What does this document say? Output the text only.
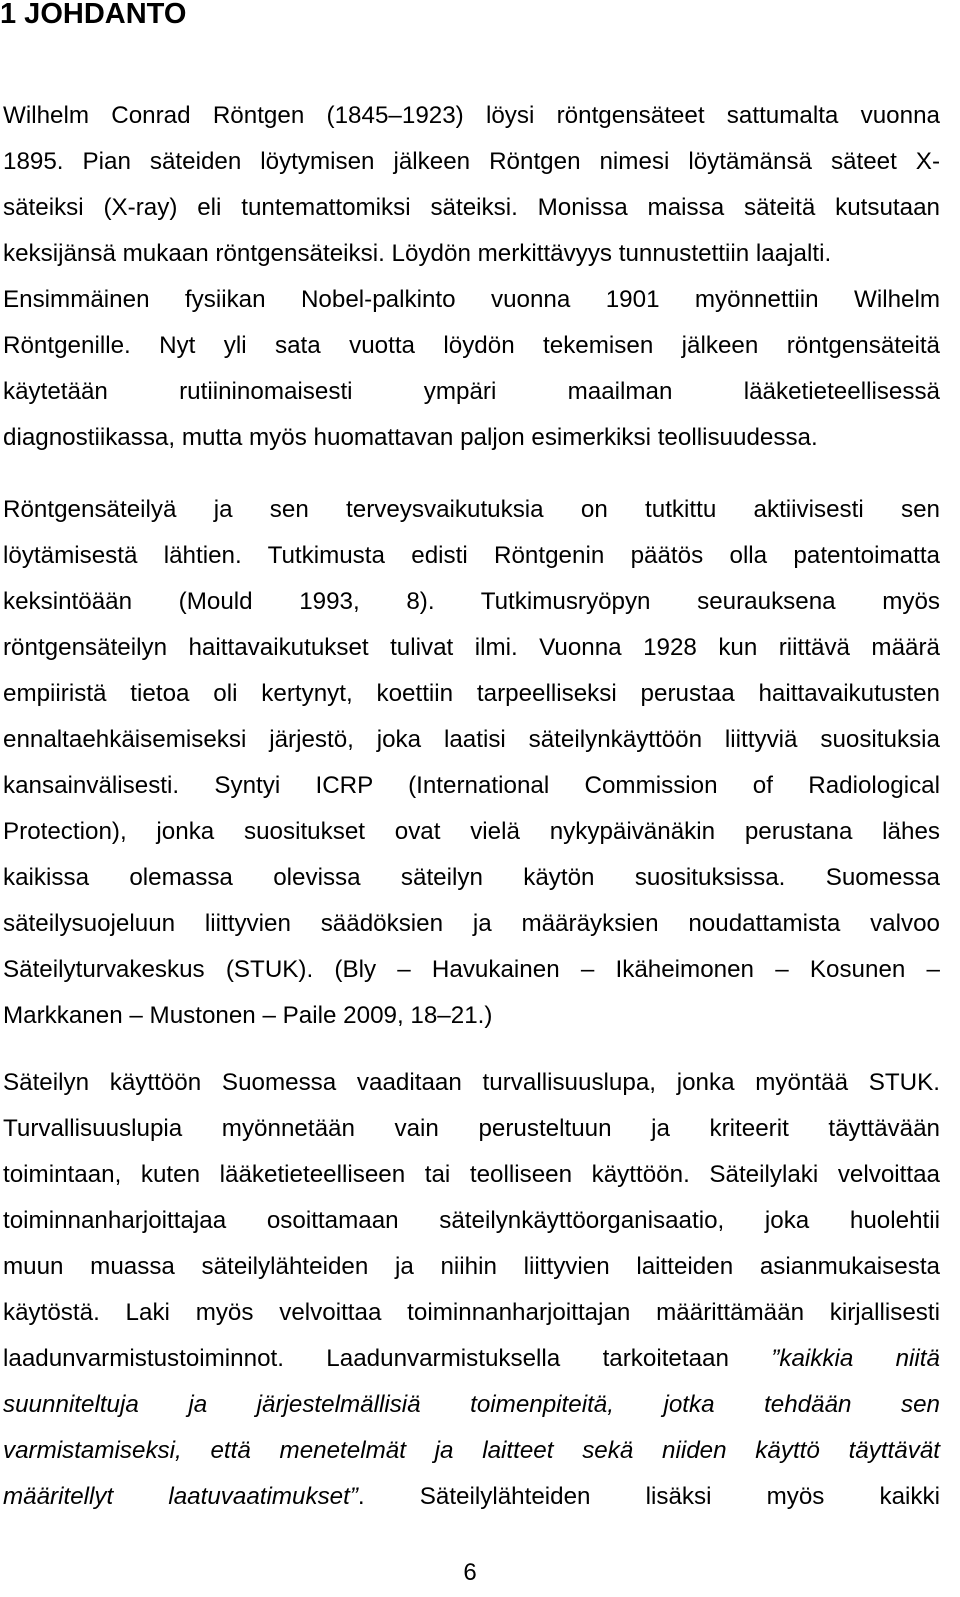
1 JOHDANTO
Wilhelm Conrad Röntgen (1845–1923) löysi röntgensäteet sattumalta vuonna
1895. Pian säteiden löytymisen jälkeen Röntgen nimesi löytämänsä säteet X-
säteiksi (X-ray) eli tuntemattomiksi säteiksi. Monissa maissa säteitä kutsutaan
keksijänsä mukaan röntgensäteiksi. Löydön merkittävyys tunnustettiin laajalti.
Ensimmäinen fysiikan Nobel-palkinto vuonna 1901 myönnettiin Wilhelm
Röntgenille. Nyt yli sata vuotta löydön tekemisen jälkeen röntgensäteitä
käytetään rutiininomaisesti ympäri maailman lääketieteellisessä
diagnostiikassa, mutta myös huomattavan paljon esimerkiksi teollisuudessa.
Röntgensäteilyä ja sen terveysvaikutuksia on tutkittu aktiivisesti sen
löytämisestä lähtien. Tutkimusta edisti Röntgenin päätös olla patentoimatta
keksintöään (Mould 1993, 8). Tutkimusryöpyn seurauksena myös
röntgensäteilyn haittavaikutukset tulivat ilmi. Vuonna 1928 kun riittävä määrä
empiiristä tietoa oli kertynyt, koettiin tarpeelliseksi perustaa haittavaikutusten
ennaltaehkäisemiseksi järjestö, joka laatisi säteilynkäyttöön liittyviä suosituksia
kansainvälisesti. Syntyi ICRP (International Commission of Radiological
Protection), jonka suositukset ovat vielä nykypäivänäkin perustana lähes
kaikissa olemassa olevissa säteilyn käytön suosituksissa. Suomessa
säteilysuojeluun liittyvien säädöksien ja määräyksien noudattamista valvoo
Säteilyturvakeskus (STUK). (Bly – Havukainen – Ikäheimonen – Kosunen –
Markkanen – Mustonen – Paile 2009, 18–21.)
Säteilyn käyttöön Suomessa vaaditaan turvallisuuslupa, jonka myöntää STUK.
Turvallisuuslupia myönnetään vain perusteltuun ja kriteerit täyttävään
toimintaan, kuten lääketieteelliseen tai teolliseen käyttöön. Säteilylaki velvoittaa
toiminnanharjoittajaa osoittamaan säteilynkäyttöorganisaatio, joka huolehtii
muun muassa säteilylähteiden ja niihin liittyvien laitteiden asianmukaisesta
käytöstä. Laki myös velvoittaa toiminnanharjoittajan määrittämään kirjallisesti
laadunvarmistustoiminnot. Laadunvarmistuksella tarkoitetaan ”kaikkia niitä
suunniteltuja ja järjestelmällisiä toimenpiteitä, jotka tehdään sen
varmistamiseksi, että menetelmät ja laitteet sekä niiden käyttö täyttävät
määritellyt laatuvaatimukset”. Säteilylähteiden lisäksi myös kaikki
6
